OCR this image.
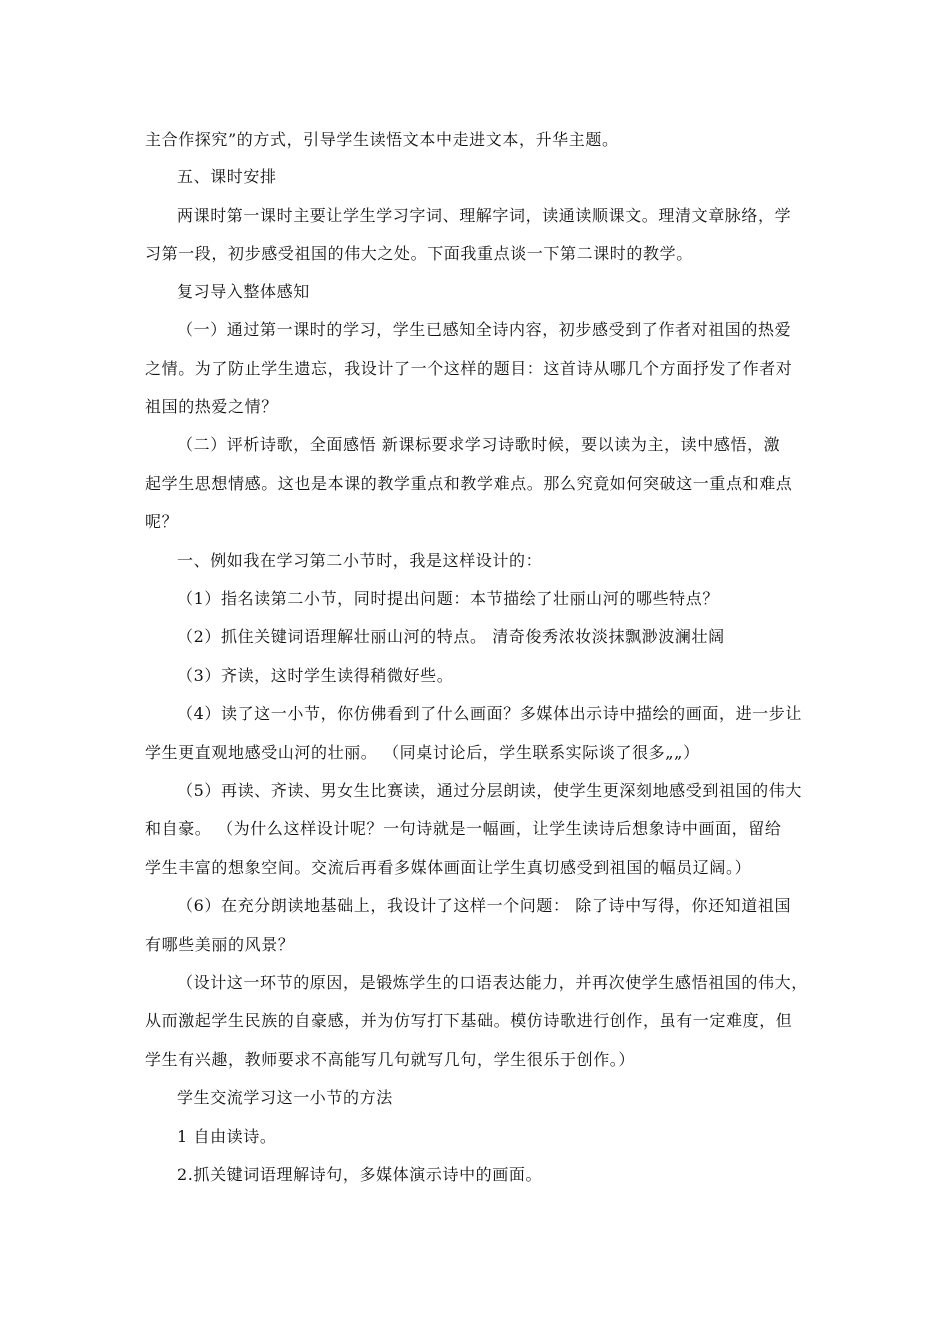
主合作探究”的方式，引导学生读悟文本中走进文本，升华主题。
五、课时安排
两课时第一课时主要让学生学习字词、理解字词，读通读顺课文。理清文章脉络，学
习第一段，初步感受祖国的伟大之处。下面我重点谈一下第二课时的教学。
复习导入整体感知
（一）通过第一课时的学习，学生已感知全诗内容，初步感受到了作者对祖国的热爱
之情。为了防止学生遗忘，我设计了一个这样的题目：这首诗从哪几个方面抒发了作者对
祖国的热爱之情？
（二）评析诗歌，全面感悟 新课标要求学习诗歌时候，要以读为主，读中感悟，激
起学生思想情感。这也是本课的教学重点和教学难点。那么究竟如何突破这一重点和难点
呢？
一、例如我在学习第二小节时，我是这样设计的：
（1）指名读第二小节，同时提出问题：本节描绘了壮丽山河的哪些特点？
（2）抓住关键词语理解壮丽山河的特点。 清奇俊秀浓妆淡抹飘渺波澜壮阔
（3）齐读，这时学生读得稍微好些。
（4）读了这一小节，你仿佛看到了什么画面？多媒体出示诗中描绘的画面，进一步让
学生更直观地感受山河的壮丽。 （同桌讨论后，学生联系实际谈了很多„„）
（5）再读、齐读、男女生比赛读，通过分层朗读，使学生更深刻地感受到祖国的伟大
和自豪。 （为什么这样设计呢？一句诗就是一幅画，让学生读诗后想象诗中画面，留给
学生丰富的想象空间。交流后再看多媒体画面让学生真切感受到祖国的幅员辽阔。）
（6）在充分朗读地基础上，我设计了这样一个问题： 除了诗中写得，你还知道祖国
有哪些美丽的风景？
（设计这一环节的原因，是锻炼学生的口语表达能力，并再次使学生感悟祖国的伟大，
从而激起学生民族的自豪感，并为仿写打下基础。模仿诗歌进行创作，虽有一定难度，但
学生有兴趣，教师要求不高能写几句就写几句，学生很乐于创作。）
学生交流学习这一小节的方法
1 自由读诗。
2.抓关键词语理解诗句，多媒体演示诗中的画面。
